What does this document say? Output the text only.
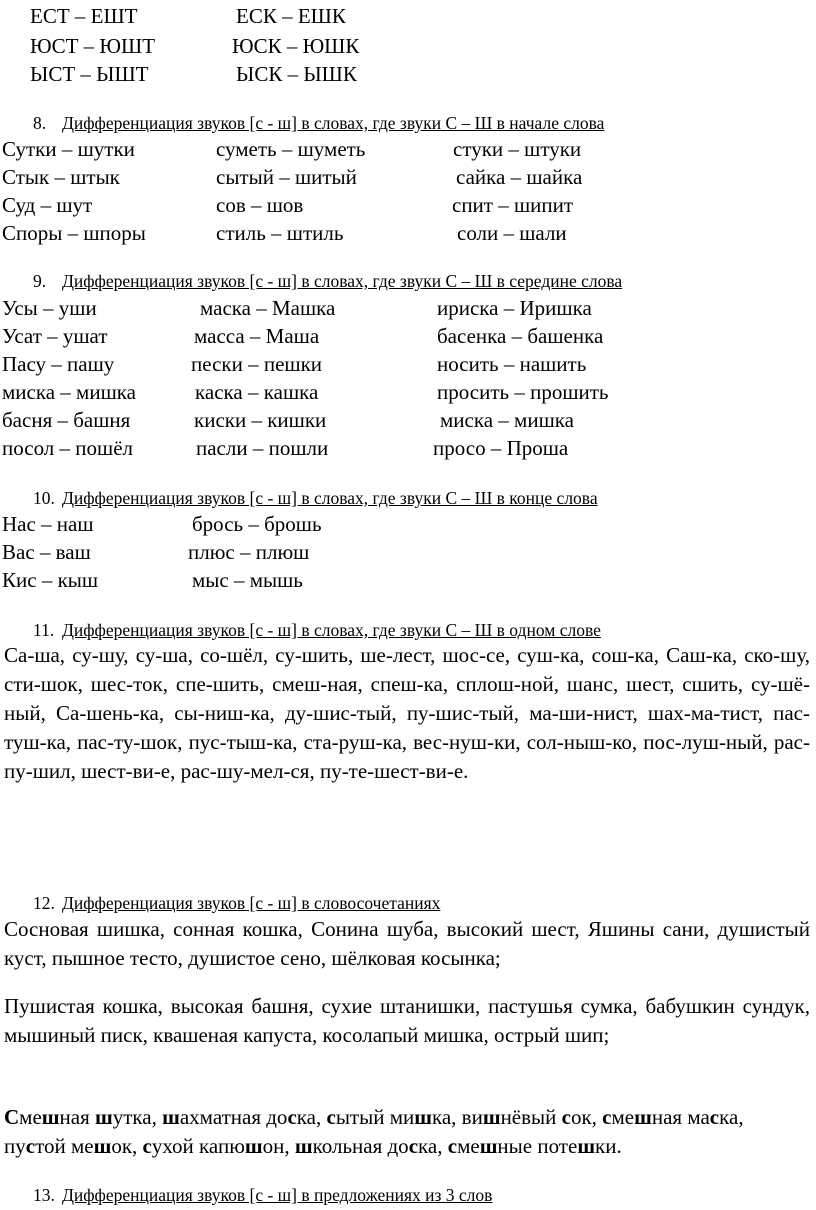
ЕСТ – ЕШТ	ЕСК – ЕШК
ЮСТ – ЮШТ	ЮСК – ЮШК
ЫСТ – ЫШТ	ЫСК – ЫШК
8. Дифференциация звуков [с - ш] в словах, где звуки С – Ш в начале слова
Сутки – шутки	суметь – шуметь	стуки – штуки
Стык – штык	сытый – шитый	сайка – шайка
Суд – шут	сов – шов	спит – шипит
Споры – шпоры	стиль – штиль	соли – шали
9. Дифференциация звуков [с - ш] в словах, где звуки С – Ш в середине слова
Усы – уши	маска – Машка	ириска – Иришка
Усат – ушат	масса – Маша	басенка – башенка
Пасу – пашу	пески – пешки	носить – нашить
миска – мишка	каска – кашка	просить – прошить
басня – башня	киски – кишки	миска – мишка
посол – пошёл	пасли – пошли	просо – Проша
10. Дифференциация звуков [с - ш] в словах, где звуки С – Ш в конце слова
Нас – наш	брось – брошь
Вас – ваш	плюс – плюш
Кис – кыш	мыс – мышь
11. Дифференциация звуков [с - ш] в словах, где звуки С – Ш в одном слове
Са-ша, су-шу, су-ша, со-шёл, су-шить, ше-лест, шос-се, суш-ка, сош-ка, Саш-ка, ско-шу, сти-шок, шес-ток, спе-шить, смеш-ная, спеш-ка, сплош-ной, шанс, шест, сшить, су-шё-ный, Са-шень-ка, сы-ниш-ка, ду-шис-тый, пу-шис-тый, ма-ши-нист, шах-ма-тист, пас-туш-ка, пас-ту-шок, пус-тыш-ка, ста-руш-ка, вес-нуш-ки, сол-ныш-ко, пос-луш-ный, рас-пу-шил, шест-ви-е, рас-шу-мел-ся, пу-те-шест-ви-е.
12. Дифференциация звуков [с - ш] в словосочетаниях
Сосновая шишка, сонная кошка, Сонина шуба, высокий шест, Яшины сани, душистый куст, пышное тесто, душистое сено, шёлковая косынка;
Пушистая кошка, высокая башня, сухие штанишки, пастушья сумка, бабушкин сундук, мышиный писк, квашеная капуста, косолапый мишка, острый шип;
Смешная шутка, шахматная доска, сытый мишка, вишнёвый сок, смешная маска, пустой мешок, сухой капюшон, школьная доска, смешные потешки.
13. Дифференциация звуков [с - ш] в предложениях из 3 слов
